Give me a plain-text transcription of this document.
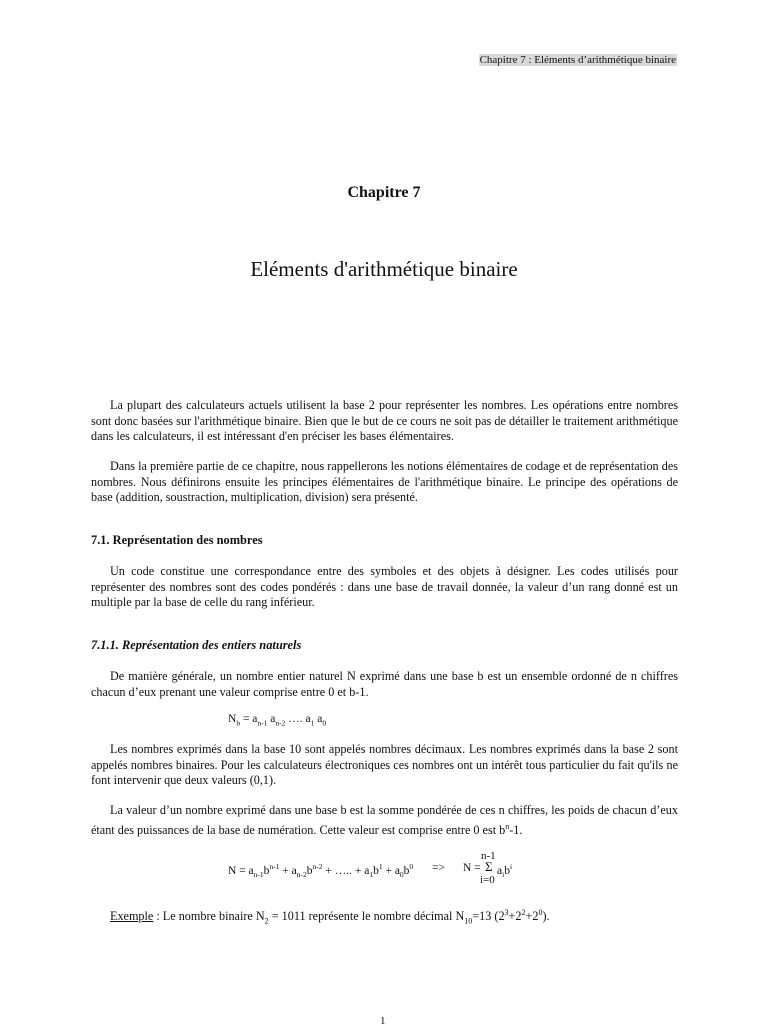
Chapitre 7 : Eléments d’arithmétique binaire
Chapitre 7
Eléments d'arithmétique binaire

La plupart des calculateurs actuels utilisent la base 2 pour représenter les nombres. Les opérations entre nombres sont donc basées sur l'arithmétique binaire. Bien que le but de ce cours ne soit pas de détailler le traitement arithmétique dans les calculateurs, il est intéressant d'en préciser les bases élémentaires.

Dans la première partie de ce chapitre, nous rappellerons les notions élémentaires de codage et de représentation des nombres. Nous définirons ensuite les principes élémentaires de l'arithmétique binaire. Le principe des opérations de base (addition, soustraction, multiplication, division) sera présenté.

7.1. Représentation des nombres

Un code constitue une correspondance entre des symboles et des objets à désigner. Les codes utilisés pour représenter des nombres sont des codes pondérés : dans une base de travail donnée, la valeur d’un rang donné est un multiple par la base de celle du rang inférieur.

7.1.1. Représentation des entiers naturels

De manière générale, un nombre entier naturel N exprimé dans une base b est un ensemble ordonné de n chiffres chacun d’eux prenant une valeur comprise entre 0 et b-1.

$N_b = a_{n-1}$ $a_{n-2}$ …. $a_1$ $a_0$

Les nombres exprimés dans la base 10 sont appelés nombres décimaux. Les nombres exprimés dans la base 2 sont appelés nombres binaires. Pour les calculateurs électroniques ces nombres ont un intérêt tous particulier du fait qu'ils ne font intervenir que deux valeurs (0,1).

La valeur d’un nombre exprimé dans une base b est la somme pondérée de ces n chiffres, les poids de chacun d’eux étant des puissances de la base de numération. Cette valeur est comprise entre 0 est $b^n-1$.

$N = a_{n-1}b^{n-1} + a_{n-2}b^{n-2}$ + ….. + $a_1b^1 + a_0b^0$ =>
n-1
N = Σ $a_ib^i$
i=0

Exemple : Le nombre binaire $N_2 = 1011$ représente le nombre décimal $N_{10}=13$ $(2^3+2^2+2^0)$.

1
